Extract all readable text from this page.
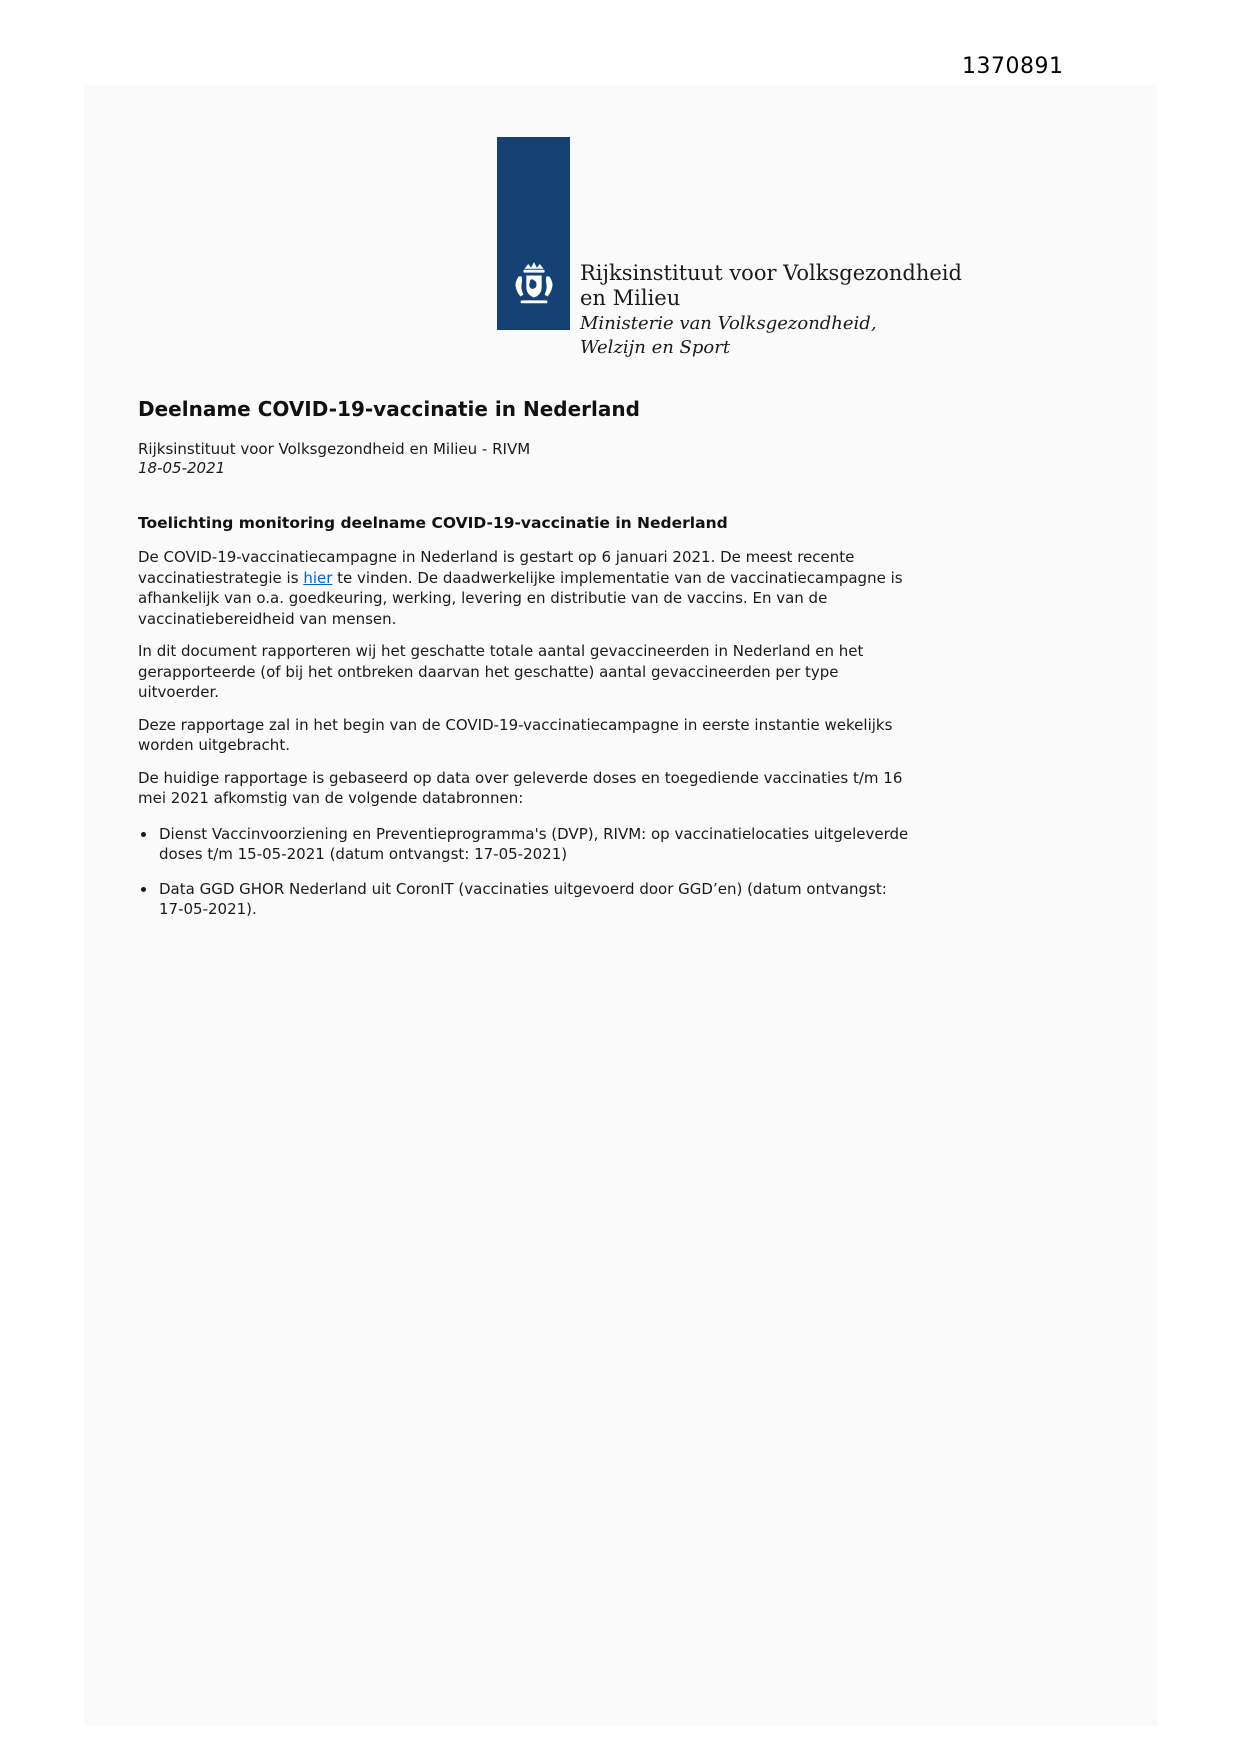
1370891
Rijksinstituut voor Volksgezondheid
en Milieu
Ministerie van Volksgezondheid,
Welzijn en Sport
Deelname COVID-19-vaccinatie in Nederland

Rijksinstituut voor Volksgezondheid en Milieu - RIVM

18-05-2021

Toelichting monitoring deelname COVID-19-vaccinatie in Nederland

De COVID-19-vaccinatiecampagne in Nederland is gestart op 6 januari 2021. De meest recente vaccinatiestrategie is hier te vinden. De daadwerkelijke implementatie van de vaccinatiecampagne is afhankelijk van o.a. goedkeuring, werking, levering en distributie van de vaccins. En van de vaccinatiebereidheid van mensen.

In dit document rapporteren wij het geschatte totale aantal gevaccineerden in Nederland en het gerapporteerde (of bij het ontbreken daarvan het geschatte) aantal gevaccineerden per type uitvoerder.

Deze rapportage zal in het begin van de COVID-19-vaccinatiecampagne in eerste instantie wekelijks worden uitgebracht.

De huidige rapportage is gebaseerd op data over geleverde doses en toegediende vaccinaties t/m 16 mei 2021 afkomstig van de volgende databronnen:

• Dienst Vaccinvoorziening en Preventieprogramma's (DVP), RIVM: op vaccinatielocaties uitgeleverde doses t/m 15-05-2021 (datum ontvangst: 17-05-2021)
• Data GGD GHOR Nederland uit CoronIT (vaccinaties uitgevoerd door GGD’en) (datum ontvangst: 17-05-2021).
